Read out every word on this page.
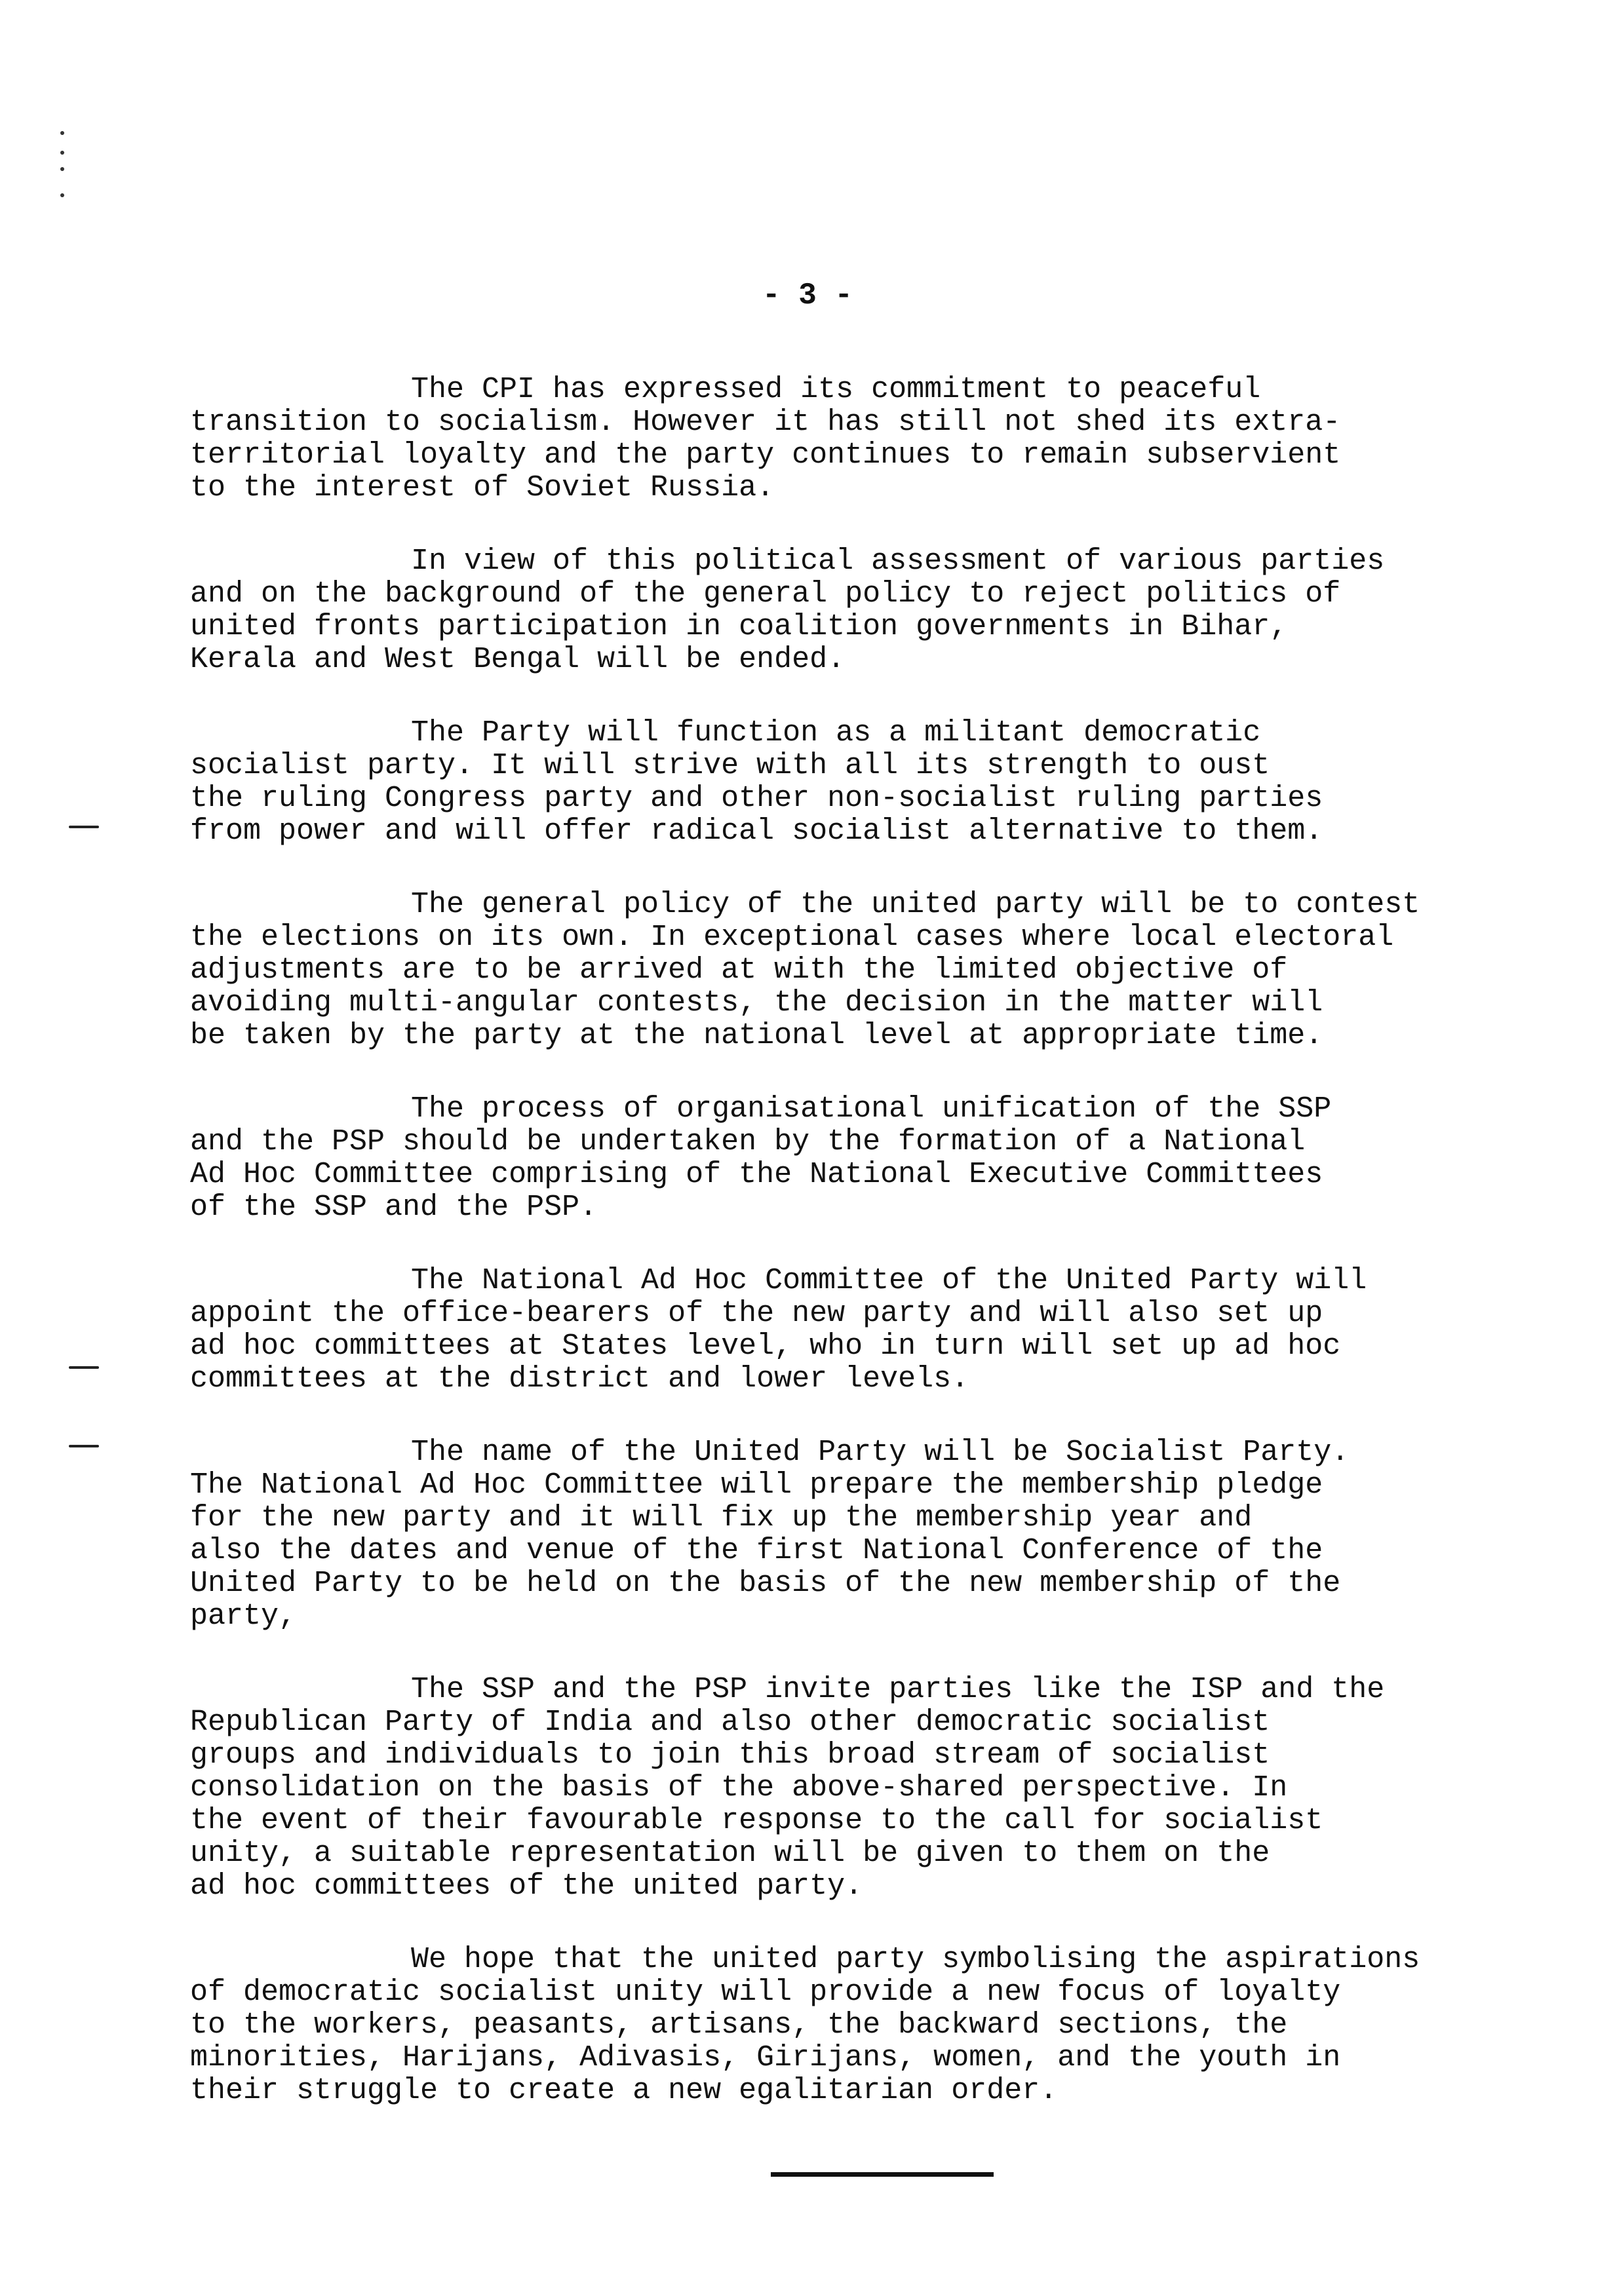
- 3 -
The CPI has expressed its commitment to peaceful
transition to socialism. However it has still not shed its extra-
territorial loyalty and the party continues to remain subservient
to the interest of Soviet Russia.
In view of this political assessment of various parties
and on the background of the general policy to reject politics of
united fronts participation in coalition governments in Bihar,
Kerala and West Bengal will be ended.
The Party will function as a militant democratic
socialist party. It will strive with all its strength to oust
the ruling Congress party and other non-socialist ruling parties
from power and will offer radical socialist alternative to them.
The general policy of the united party will be to contest
the elections on its own. In exceptional cases where local electoral
adjustments are to be arrived at with the limited objective of
avoiding multi-angular contests, the decision in the matter will
be taken by the party at the national level at appropriate time.
The process of organisational unification of the SSP
and the PSP should be undertaken by the formation of a National
Ad Hoc Committee comprising of the National Executive Committees
of the SSP and the PSP.
The National Ad Hoc Committee of the United Party will
appoint the office-bearers of the new party and will also set up
ad hoc committees at States level, who in turn will set up ad hoc
committees at the district and lower levels.
The name of the United Party will be Socialist Party.
The National Ad Hoc Committee will prepare the membership pledge
for the new party and it will fix up the membership year and
also the dates and venue of the first National Conference of the
United Party to be held on the basis of the new membership of the
party,
The SSP and the PSP invite parties like the ISP and the
Republican Party of India and also other democratic socialist
groups and individuals to join this broad stream of socialist
consolidation on the basis of the above-shared perspective. In
the event of their favourable response to the call for socialist
unity, a suitable representation will be given to them on the
ad hoc committees of the united party.
We hope that the united party symbolising the aspirations
of democratic socialist unity will provide a new focus of loyalty
to the workers, peasants, artisans, the backward sections, the
minorities, Harijans, Adivasis, Girijans, women, and the youth in
their struggle to create a new egalitarian order.
